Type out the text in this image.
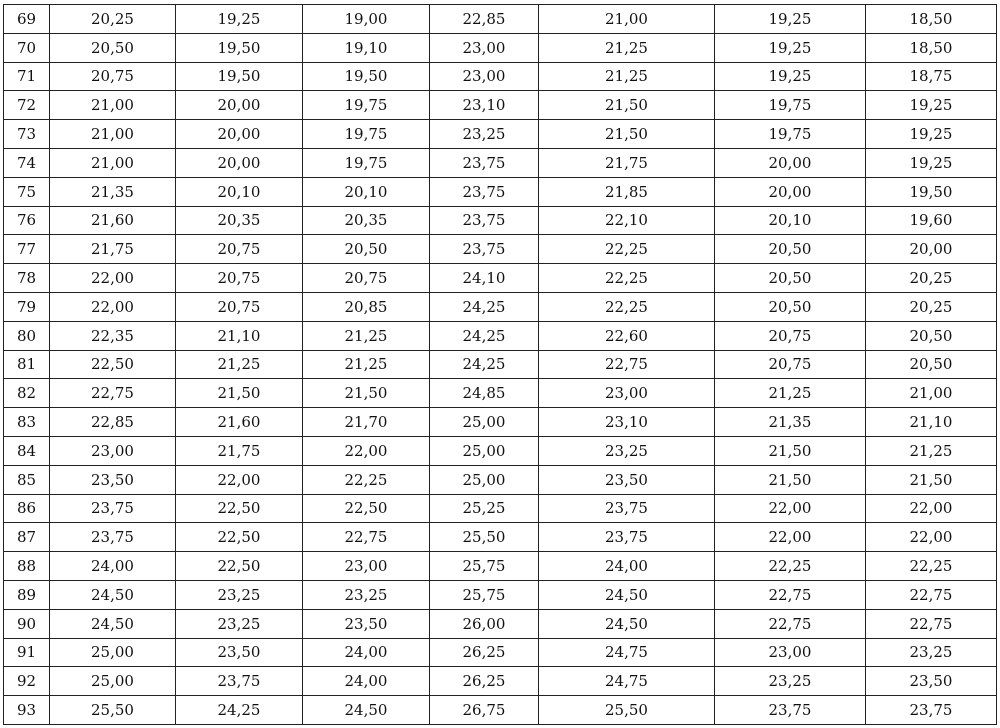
69	20,25	19,25	19,00	22,85	21,00	19,25	18,50
70	20,50	19,50	19,10	23,00	21,25	19,25	18,50
71	20,75	19,50	19,50	23,00	21,25	19,25	18,75
72	21,00	20,00	19,75	23,10	21,50	19,75	19,25
73	21,00	20,00	19,75	23,25	21,50	19,75	19,25
74	21,00	20,00	19,75	23,75	21,75	20,00	19,25
75	21,35	20,10	20,10	23,75	21,85	20,00	19,50
76	21,60	20,35	20,35	23,75	22,10	20,10	19,60
77	21,75	20,75	20,50	23,75	22,25	20,50	20,00
78	22,00	20,75	20,75	24,10	22,25	20,50	20,25
79	22,00	20,75	20,85	24,25	22,25	20,50	20,25
80	22,35	21,10	21,25	24,25	22,60	20,75	20,50
81	22,50	21,25	21,25	24,25	22,75	20,75	20,50
82	22,75	21,50	21,50	24,85	23,00	21,25	21,00
83	22,85	21,60	21,70	25,00	23,10	21,35	21,10
84	23,00	21,75	22,00	25,00	23,25	21,50	21,25
85	23,50	22,00	22,25	25,00	23,50	21,50	21,50
86	23,75	22,50	22,50	25,25	23,75	22,00	22,00
87	23,75	22,50	22,75	25,50	23,75	22,00	22,00
88	24,00	22,50	23,00	25,75	24,00	22,25	22,25
89	24,50	23,25	23,25	25,75	24,50	22,75	22,75
90	24,50	23,25	23,50	26,00	24,50	22,75	22,75
91	25,00	23,50	24,00	26,25	24,75	23,00	23,25
92	25,00	23,75	24,00	26,25	24,75	23,25	23,50
93	25,50	24,25	24,50	26,75	25,50	23,75	23,75
